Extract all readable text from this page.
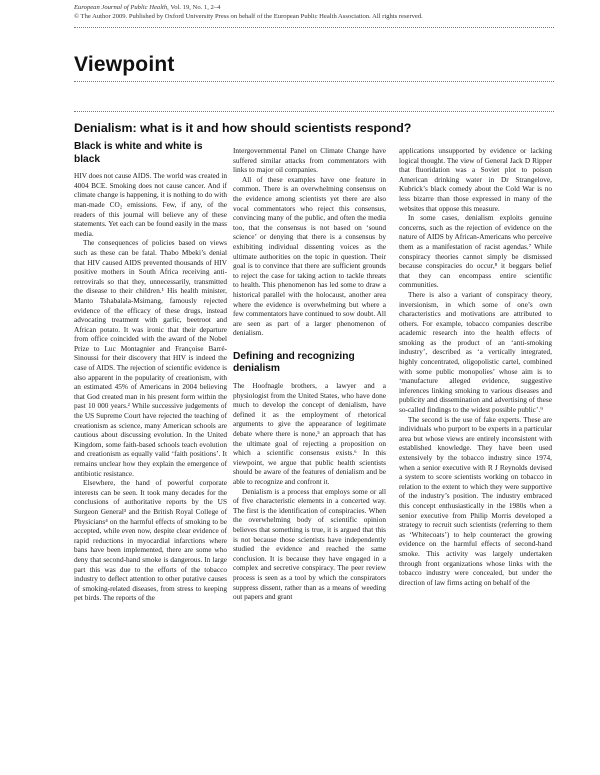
European Journal of Public Health, Vol. 19, No. 1, 2–4
© The Author 2009. Published by Oxford University Press on behalf of the European Public Health Association. All rights reserved.
Viewpoint
Denialism: what is it and how should scientists respond?
Black is white and white is black

HIV does not cause AIDS. The world was created in 4004 BCE. Smoking does not cause cancer. And if climate change is happening, it is nothing to do with man-made CO₂ emissions. Few, if any, of the readers of this journal will believe any of these statements. Yet each can be found easily in the mass media.

The consequences of policies based on views such as these can be fatal. Thabo Mbeki’s denial that HIV caused AIDS prevented thousands of HIV positive mothers in South Africa receiving anti-retrovirals so that they, unnecessarily, transmitted the disease to their children.¹ His health minister, Manto Tshabalala-Msimang, famously rejected evidence of the efficacy of these drugs, instead advocating treatment with garlic, beetroot and African potato. It was ironic that their departure from office coincided with the award of the Nobel Prize to Luc Montagnier and Françoise Barré-Sinoussi for their discovery that HIV is indeed the case of AIDS. The rejection of scientific evidence is also apparent in the popularity of creationism, with an estimated 45% of Americans in 2004 believing that God created man in his present form within the past 10 000 years.² While successive judgements of the US Supreme Court have rejected the teaching of creationism as science, many American schools are cautious about discussing evolution. In the United Kingdom, some faith-based schools teach evolution and creationism as equally valid ‘faith positions’. It remains unclear how they explain the emergence of antibiotic resistance.

Elsewhere, the hand of powerful corporate interests can be seen. It took many decades for the conclusions of authoritative reports by the US Surgeon General³ and the British Royal College of Physicians⁴ on the harmful effects of smoking to be accepted, while even now, despite clear evidence of rapid reductions in myocardial infarctions where bans have been implemented, there are some who deny that second-hand smoke is dangerous. In large part this was due to the efforts of the tobacco industry to deflect attention to other putative causes of smoking-related diseases, from stress to keeping pet birds. The reports of the

Intergovernmental Panel on Climate Change have suffered similar attacks from commentators with links to major oil companies.

All of these examples have one feature in common. There is an overwhelming consensus on the evidence among scientists yet there are also vocal commentators who reject this consensus, convincing many of the public, and often the media too, that the consensus is not based on ‘sound science’ or denying that there is a consensus by exhibiting individual dissenting voices as the ultimate authorities on the topic in question. Their goal is to convince that there are sufficient grounds to reject the case for taking action to tackle threats to health. This phenomenon has led some to draw a historical parallel with the holocaust, another area where the evidence is overwhelming but where a few commentators have continued to sow doubt. All are seen as part of a larger phenomenon of denialism.

Defining and recognizing denialism

The Hoofnagle brothers, a lawyer and a physiologist from the United States, who have done much to develop the concept of denialism, have defined it as the employment of rhetorical arguments to give the appearance of legitimate debate where there is none,⁵ an approach that has the ultimate goal of rejecting a proposition on which a scientific consensus exists.⁶ In this viewpoint, we argue that public health scientists should be aware of the features of denialism and be able to recognize and confront it.

Denialism is a process that employs some or all of five characteristic elements in a concerted way. The first is the identification of conspiracies. When the overwhelming body of scientific opinion believes that something is true, it is argued that this is not because those scientists have independently studied the evidence and reached the same conclusion. It is because they have engaged in a complex and secretive conspiracy. The peer review process is seen as a tool by which the conspirators suppress dissent, rather than as a means of weeding out papers and grant

applications unsupported by evidence or lacking logical thought. The view of General Jack D Ripper that fluoridation was a Soviet plot to poison American drinking water in Dr Strangelove, Kubrick’s black comedy about the Cold War is no less bizarre than those expressed in many of the websites that oppose this measure.

In some cases, denialism exploits genuine concerns, such as the rejection of evidence on the nature of AIDS by African-Americans who perceive them as a manifestation of racist agendas.⁷ While conspiracy theories cannot simply be dismissed because conspiracies do occur,⁸ it beggars belief that they can encompass entire scientific communities.

There is also a variant of conspiracy theory, inversionism, in which some of one’s own characteristics and motivations are attributed to others. For example, tobacco companies describe academic research into the health effects of smoking as the product of an ‘anti-smoking industry’, described as ‘a vertically integrated, highly concentrated, oligopolistic cartel, combined with some public monopolies’ whose aim is to ‘manufacture alleged evidence, suggestive inferences linking smoking to various diseases and publicity and dissemination and advertising of these so-called findings to the widest possible public’.⁹

The second is the use of fake experts. These are individuals who purport to be experts in a particular area but whose views are entirely inconsistent with established knowledge. They have been used extensively by the tobacco industry since 1974, when a senior executive with R J Reynolds devised a system to score scientists working on tobacco in relation to the extent to which they were supportive of the industry’s position. The industry embraced this concept enthusiastically in the 1980s when a senior executive from Philip Morris developed a strategy to recruit such scientists (referring to them as ‘Whitecoats’) to help counteract the growing evidence on the harmful effects of second-hand smoke. This activity was largely undertaken through front organizations whose links with the tobacco industry were concealed, but under the direction of law firms acting on behalf of the
